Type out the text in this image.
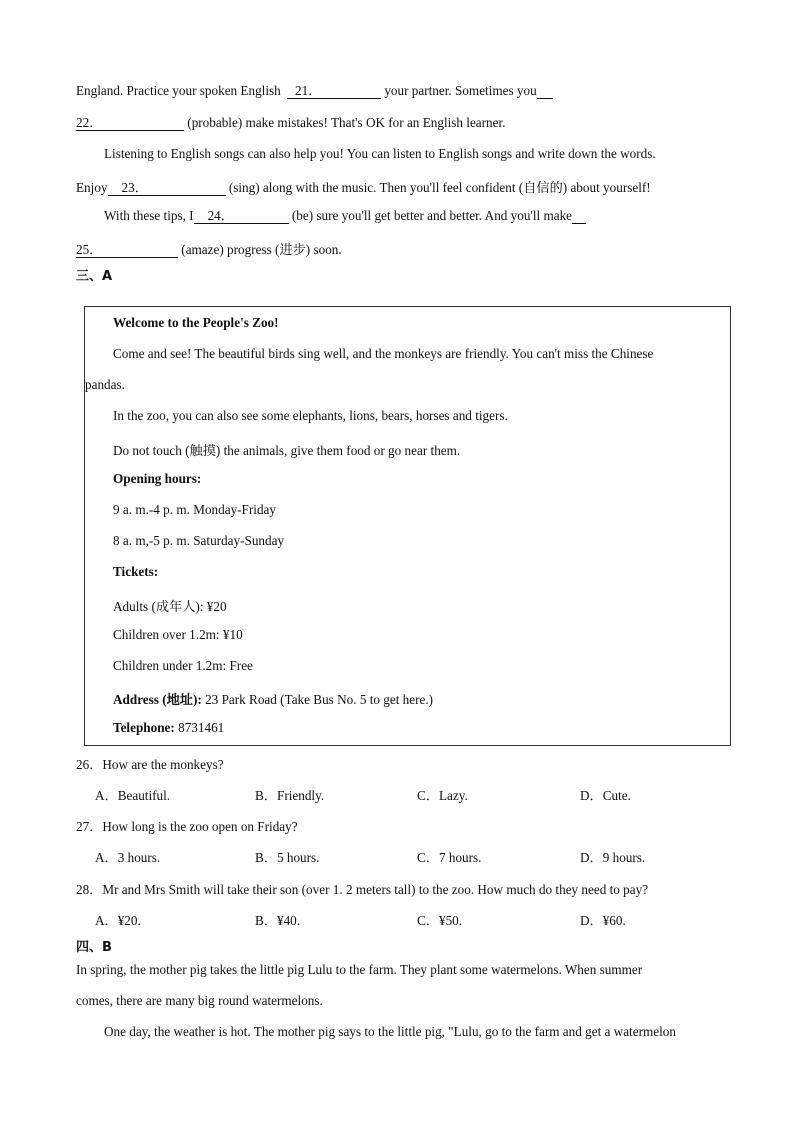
England. Practice your spoken English 21．	your partner. Sometimes you
22．	(probable) make mistakes! That's OK for an English learner.
Listening to English songs can also help you! You can listen to English songs and write down the words.
Enjoy 23．	(sing) along with the music. Then you'll feel confident (自信的) about yourself!
With these tips, I 24．	(be) sure you'll get better and better. And you'll make
25．	(amaze) progress (进步) soon.
三、A
Welcome to the People's Zoo!
Come and see! The beautiful birds sing well, and the monkeys are friendly. You can't miss the Chinese
pandas.
In the zoo, you can also see some elephants, lions, bears, horses and tigers.
Do not touch (触摸) the animals, give them food or go near them.
Opening hours:
9 a. m.-4 p. m. Monday-Friday
8 a. m,-5 p. m. Saturday-Sunday
Tickets:
Adults (成年人): ¥20
Children over 1.2m: ¥10
Children under 1.2m: Free
Address (地址): 23 Park Road (Take Bus No. 5 to get here.)
Telephone: 8731461
26．How are the monkeys?
A．Beautiful.	B．Friendly.	C．Lazy.	D．Cute.
27．How long is the zoo open on Friday?
A．3 hours.	B．5 hours.	C．7 hours.	D．9 hours.
28．Mr and Mrs Smith will take their son (over 1. 2 meters tall) to the zoo. How much do they need to pay?
A．¥20.	B．¥40.	C．¥50.	D．¥60.
四、B
In spring, the mother pig takes the little pig Lulu to the farm. They plant some watermelons. When summer
comes, there are many big round watermelons.
One day, the weather is hot. The mother pig says to the little pig, "Lulu, go to the farm and get a watermelon
